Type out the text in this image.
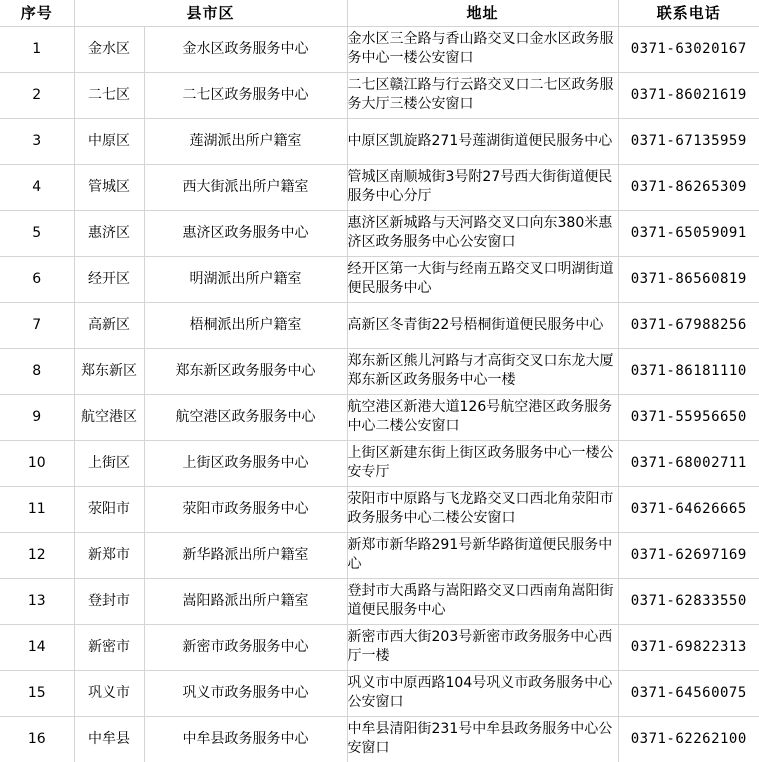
序号	县市区		地址	联系电话
1	金水区	金水区政务服务中心	金水区三全路与香山路交叉口金水区政务服务中心一楼公安窗口	0371-63020167
2	二七区	二七区政务服务中心	二七区赣江路与行云路交叉口二七区政务服务大厅三楼公安窗口	0371-86021619
3	中原区	莲湖派出所户籍室	中原区凯旋路271号莲湖街道便民服务中心	0371-67135959
4	管城区	西大街派出所户籍室	管城区南顺城街3号附27号西大街街道便民服务中心分厅	0371-86265309
5	惠济区	惠济区政务服务中心	惠济区新城路与天河路交叉口向东380米惠济区政务服务中心公安窗口	0371-65059091
6	经开区	明湖派出所户籍室	经开区第一大街与经南五路交叉口明湖街道便民服务中心	0371-86560819
7	高新区	梧桐派出所户籍室	高新区冬青街22号梧桐街道便民服务中心	0371-67988256
8	郑东新区	郑东新区政务服务中心	郑东新区熊儿河路与才高街交叉口东龙大厦郑东新区政务服务中心一楼	0371-86181110
9	航空港区	航空港区政务服务中心	航空港区新港大道126号航空港区政务服务中心二楼公安窗口	0371-55956650
10	上街区	上街区政务服务中心	上街区新建东街上街区政务服务中心一楼公安专厅	0371-68002711
11	荥阳市	荥阳市政务服务中心	荥阳市中原路与飞龙路交叉口西北角荥阳市政务服务中心二楼公安窗口	0371-64626665
12	新郑市	新华路派出所户籍室	新郑市新华路291号新华路街道便民服务中心	0371-62697169
13	登封市	嵩阳路派出所户籍室	登封市大禹路与嵩阳路交叉口西南角嵩阳街道便民服务中心	0371-62833550
14	新密市	新密市政务服务中心	新密市西大街203号新密市政务服务中心西厅一楼	0371-69822313
15	巩义市	巩义市政务服务中心	巩义市中原西路104号巩义市政务服务中心公安窗口	0371-64560075
16	中牟县	中牟县政务服务中心	中牟县清阳街231号中牟县政务服务中心公安窗口	0371-62262100
